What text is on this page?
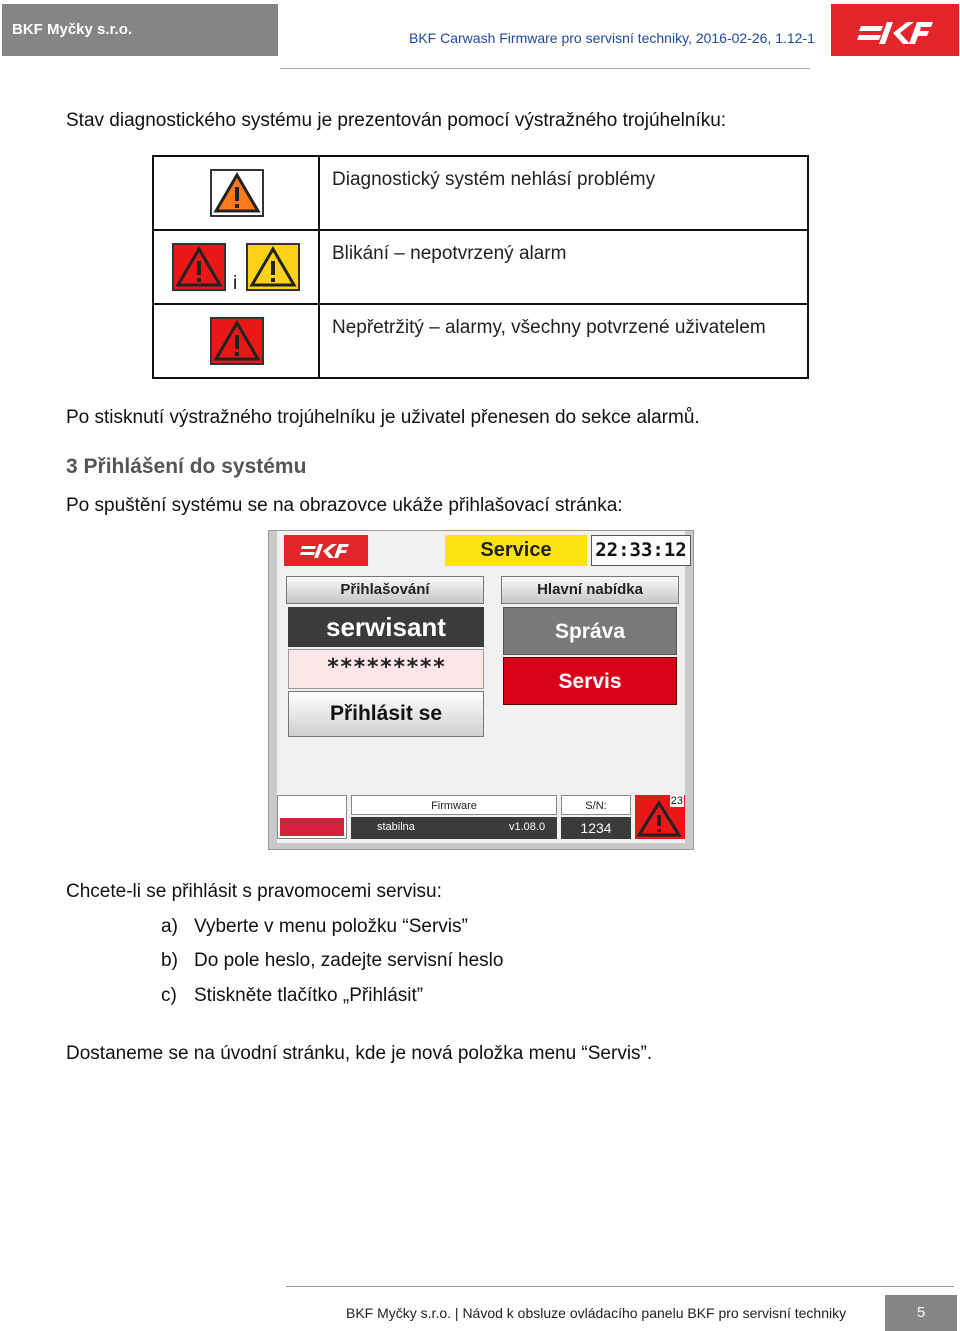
BKF Myčky s.r.o.	BKF Carwash Firmware pro servisní techniky, 2016-02-26, 1.12-1
Stav diagnostického systému je prezentován pomocí výstražného trojúhelníku:
Diagnostický systém nehlásí problémy
i
Blikání – nepotvrzený alarm
Nepřetržitý – alarmy, všechny potvrzené uživatelem
Po stisknutí výstražného trojúhelníku je uživatel přenesen do sekce alarmů.
3 Přihlášení do systému
Po spuštění systému se na obrazovce ukáže přihlašovací stránka:
Service	22:33:12
Přihlašování
serwisant
*********
Přihlásit se
Hlavní nabídka
Správa
Servis
Firmware
stabilna	v1.08.0
S/N:
1234
23
Chcete-li se přihlásit s pravomocemi servisu:
a) Vyberte v menu položku “Servis”
b) Do pole heslo, zadejte servisní heslo
c) Stiskněte tlačítko „Přihlásit”
Dostaneme se na úvodní stránku, kde je nová položka menu “Servis”.
BKF Myčky s.r.o. | Návod k obsluze ovládacího panelu BKF pro servisní techniky	5
